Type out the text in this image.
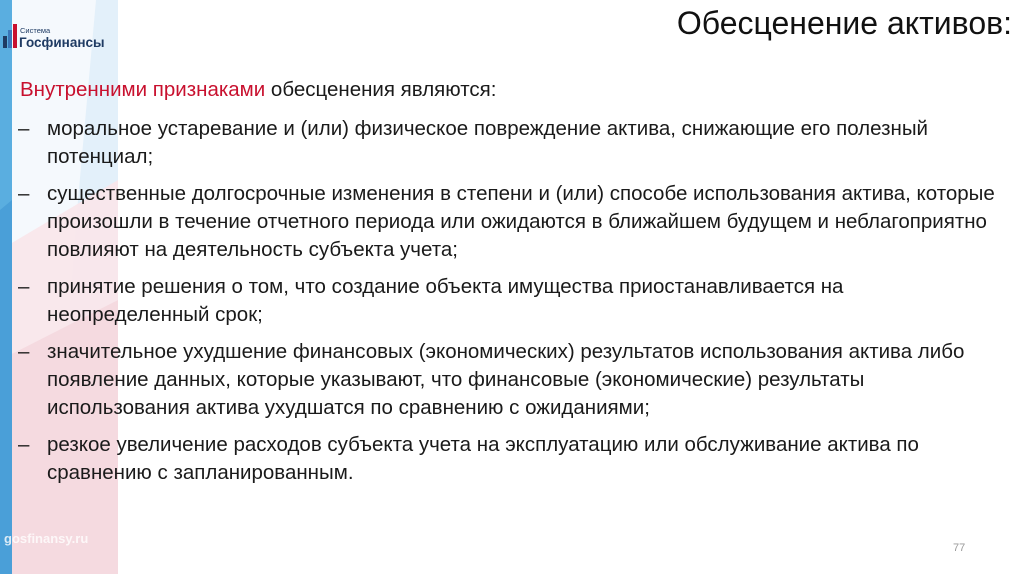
Система
Госфинансы
Обесценение активов:
Внутренними признаками обесценения являются:
– моральное устаревание и (или) физическое повреждение актива, снижающие его полезный потенциал;
– существенные долгосрочные изменения в степени и (или) способе использования актива, которые произошли в течение отчетного периода или ожидаются в ближайшем будущем и неблагоприятно повлияют на деятельность субъекта учета;
– принятие решения о том, что создание объекта имущества приостанавливается на неопределенный срок;
– значительное ухудшение финансовых (экономических) результатов использования актива либо появление данных, которые указывают, что финансовые (экономические) результаты использования актива ухудшатся по сравнению с ожиданиями;
– резкое увеличение расходов субъекта учета на эксплуатацию или обслуживание актива по сравнению с запланированным.
gosfinansy.ru
77
